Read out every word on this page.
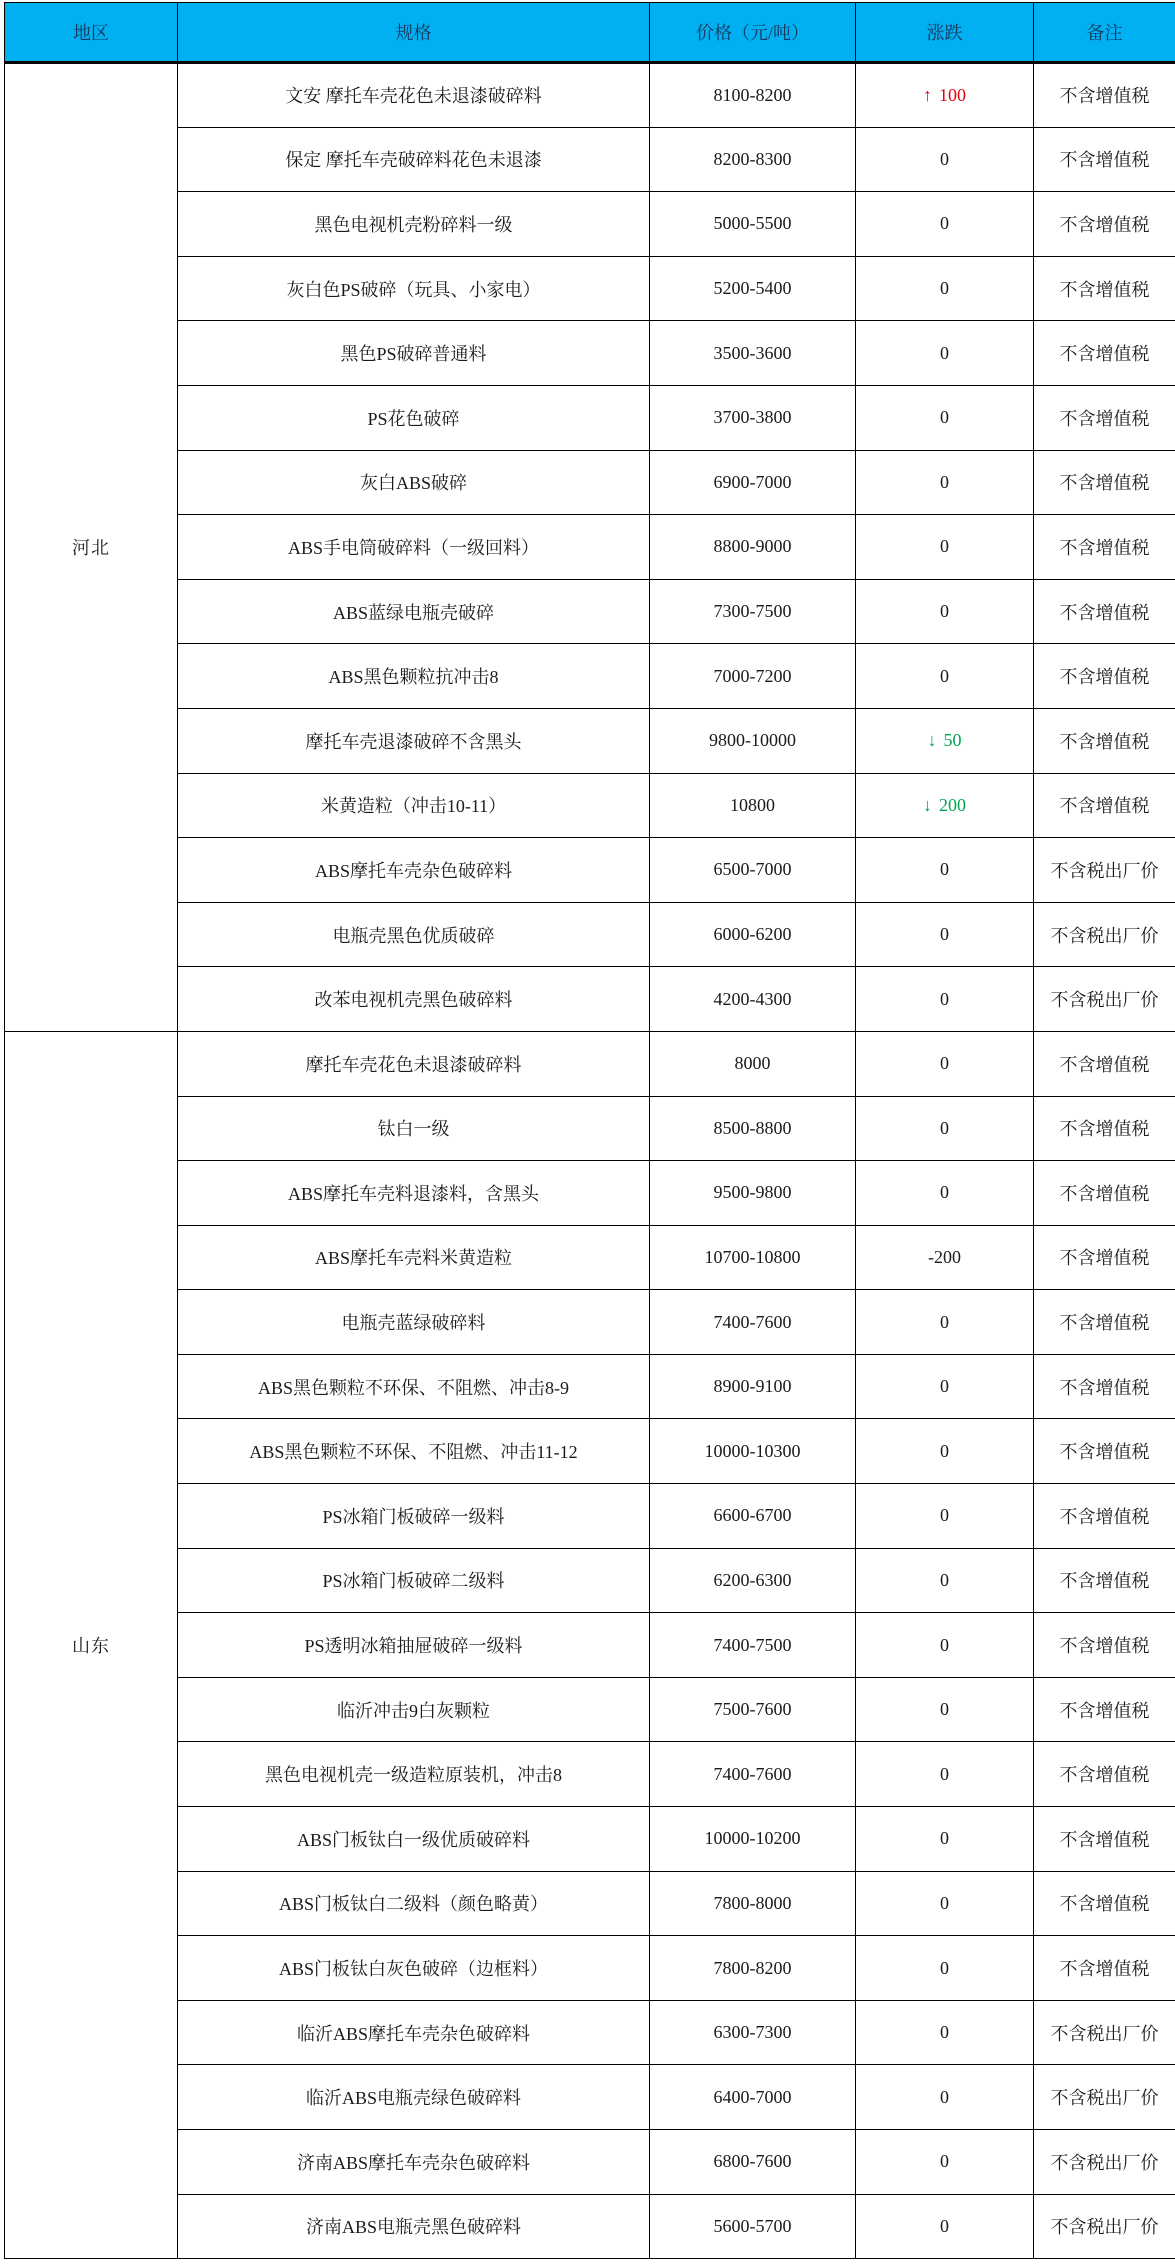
地区	规格	价格（元/吨）	涨跌	备注
河北	文安 摩托车壳花色未退漆破碎料	8100-8200	↑ 100	不含增值税
	保定 摩托车壳破碎料花色未退漆	8200-8300	0	不含增值税
	黑色电视机壳粉碎料一级	5000-5500	0	不含增值税
	灰白色PS破碎（玩具、小家电）	5200-5400	0	不含增值税
	黑色PS破碎普通料	3500-3600	0	不含增值税
	PS花色破碎	3700-3800	0	不含增值税
	灰白ABS破碎	6900-7000	0	不含增值税
	ABS手电筒破碎料（一级回料）	8800-9000	0	不含增值税
	ABS蓝绿电瓶壳破碎	7300-7500	0	不含增值税
	ABS黑色颗粒抗冲击8	7000-7200	0	不含增值税
	摩托车壳退漆破碎不含黑头	9800-10000	↓ 50	不含增值税
	米黄造粒（冲击10-11）	10800	↓ 200	不含增值税
	ABS摩托车壳杂色破碎料	6500-7000	0	不含税出厂价
	电瓶壳黑色优质破碎	6000-6200	0	不含税出厂价
	改苯电视机壳黑色破碎料	4200-4300	0	不含税出厂价
山东	摩托车壳花色未退漆破碎料	8000	0	不含增值税
	钛白一级	8500-8800	0	不含增值税
	ABS摩托车壳料退漆料，含黑头	9500-9800	0	不含增值税
	ABS摩托车壳料米黄造粒	10700-10800	-200	不含增值税
	电瓶壳蓝绿破碎料	7400-7600	0	不含增值税
	ABS黑色颗粒不环保、不阻燃、冲击8-9	8900-9100	0	不含增值税
	ABS黑色颗粒不环保、不阻燃、冲击11-12	10000-10300	0	不含增值税
	PS冰箱门板破碎一级料	6600-6700	0	不含增值税
	PS冰箱门板破碎二级料	6200-6300	0	不含增值税
	PS透明冰箱抽屉破碎一级料	7400-7500	0	不含增值税
	临沂冲击9白灰颗粒	7500-7600	0	不含增值税
	黑色电视机壳一级造粒原装机，冲击8	7400-7600	0	不含增值税
	ABS门板钛白一级优质破碎料	10000-10200	0	不含增值税
	ABS门板钛白二级料（颜色略黄）	7800-8000	0	不含增值税
	ABS门板钛白灰色破碎（边框料）	7800-8200	0	不含增值税
	临沂ABS摩托车壳杂色破碎料	6300-7300	0	不含税出厂价
	临沂ABS电瓶壳绿色破碎料	6400-7000	0	不含税出厂价
	济南ABS摩托车壳杂色破碎料	6800-7600	0	不含税出厂价
	济南ABS电瓶壳黑色破碎料	5600-5700	0	不含税出厂价
